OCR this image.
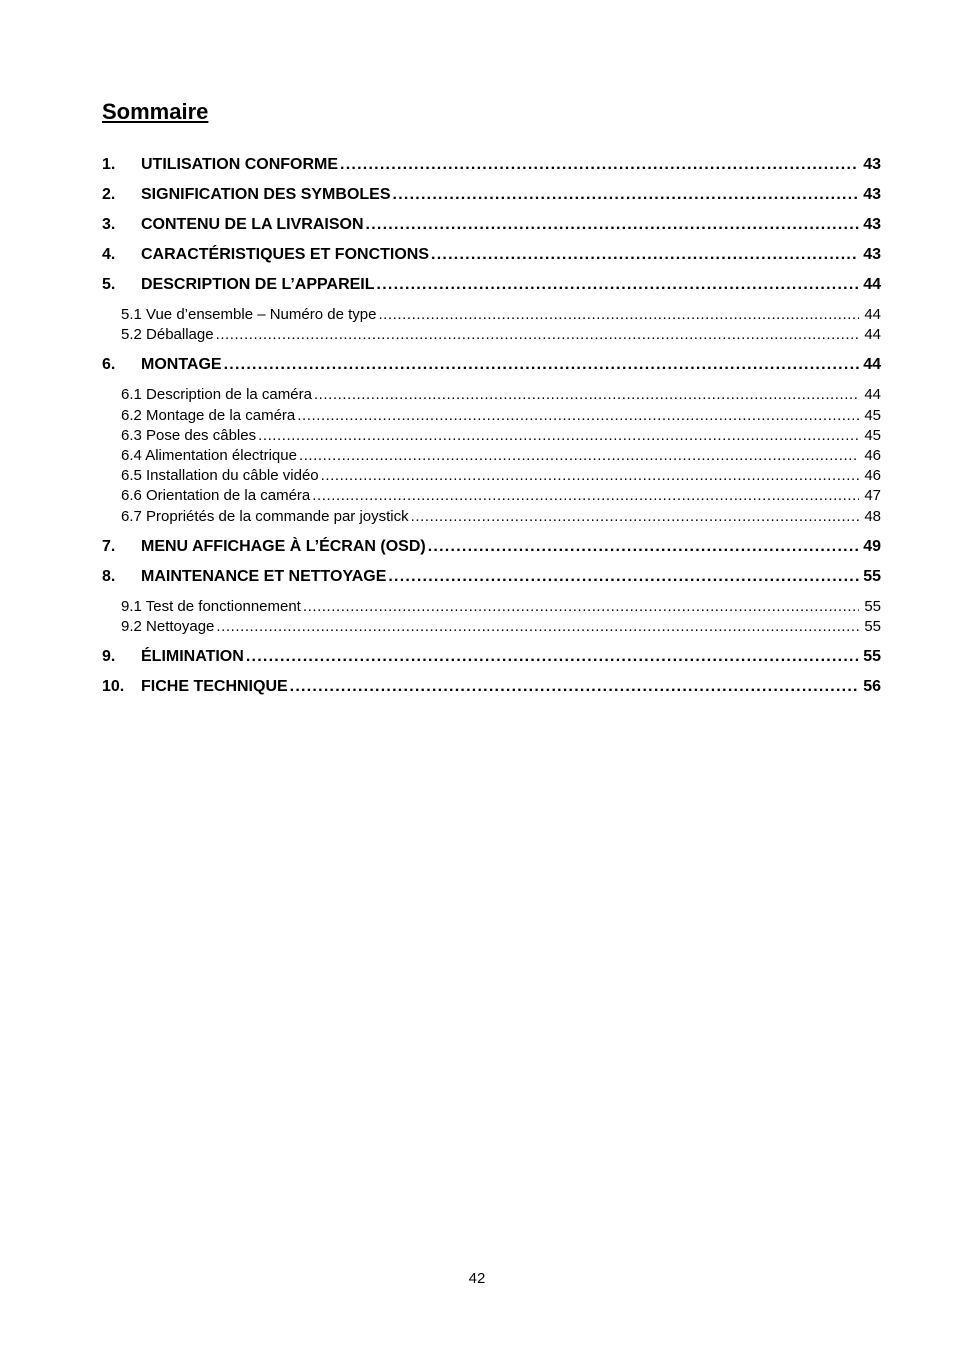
Sommaire
1.	UTILISATION CONFORME . . .	43
2.	SIGNIFICATION DES SYMBOLES . . .	43
3.	CONTENU DE LA LIVRAISON . . .	43
4.	CARACTÉRISTIQUES ET FONCTIONS . . .	43
5.	DESCRIPTION DE L’APPAREIL . . .	44
5.1 Vue d’ensemble – Numéro de type . . .	44
5.2 Déballage . . .	44
6.	MONTAGE . . .	44
6.1 Description de la caméra . . .	44
6.2 Montage de la caméra . . .	45
6.3 Pose des câbles . . .	45
6.4 Alimentation électrique . . .	46
6.5 Installation du câble vidéo . . .	46
6.6 Orientation de la caméra . . .	47
6.7 Propriétés de la commande par joystick . . .	48
7.	MENU AFFICHAGE À L’ÉCRAN (OSD) . . .	49
8.	MAINTENANCE ET NETTOYAGE . . .	55
9.1 Test de fonctionnement . . .	55
9.2 Nettoyage . . .	55
9.	ÉLIMINATION . . .	55
10.	FICHE TECHNIQUE . . .	56
42
